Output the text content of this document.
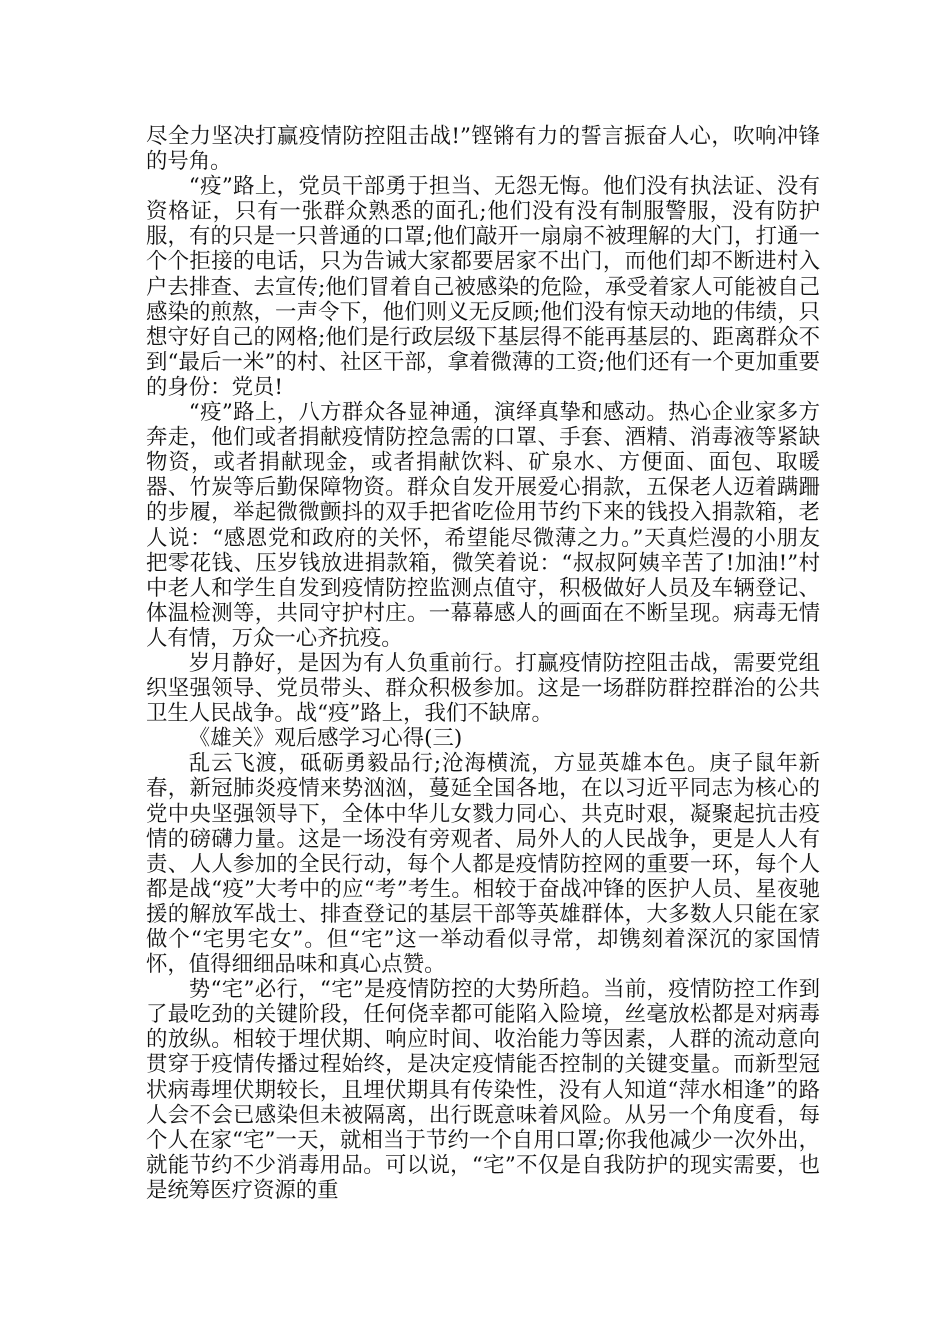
尽全力坚决打赢疫情防控阻击战!”铿锵有力的誓言振奋人心，吹响冲锋的号角。

“疫”路上，党员干部勇于担当、无怨无悔。他们没有执法证、没有资格证，只有一张群众熟悉的面孔;他们没有没有制服警服，没有防护服，有的只是一只普通的口罩;他们敲开一扇扇不被理解的大门，打通一个个拒接的电话，只为告诫大家都要居家不出门，而他们却不断进村入户去排查、去宣传;他们冒着自己被感染的危险，承受着家人可能被自己感染的煎熬，一声令下，他们则义无反顾;他们没有惊天动地的伟绩，只想守好自己的网格;他们是行政层级下基层得不能再基层的、距离群众不到“最后一米”的村、社区干部，拿着微薄的工资;他们还有一个更加重要的身份：党员!

“疫”路上，八方群众各显神通，演绎真挚和感动。热心企业家多方奔走，他们或者捐献疫情防控急需的口罩、手套、酒精、消毒液等紧缺物资，或者捐献现金，或者捐献饮料、矿泉水、方便面、面包、取暖器、竹炭等后勤保障物资。群众自发开展爱心捐款，五保老人迈着蹒跚的步履，举起微微颤抖的双手把省吃俭用节约下来的钱投入捐款箱，老人说：“感恩党和政府的关怀，希望能尽微薄之力。”天真烂漫的小朋友把零花钱、压岁钱放进捐款箱，微笑着说：“叔叔阿姨辛苦了!加油!”村中老人和学生自发到疫情防控监测点值守，积极做好人员及车辆登记、体温检测等，共同守护村庄。一幕幕感人的画面在不断呈现。病毒无情人有情，万众一心齐抗疫。

岁月静好，是因为有人负重前行。打赢疫情防控阻击战，需要党组织坚强领导、党员带头、群众积极参加。这是一场群防群控群治的公共卫生人民战争。战“疫”路上，我们不缺席。

《雄关》观后感学习心得(三)

乱云飞渡，砥砺勇毅品行;沧海横流，方显英雄本色。庚子鼠年新春，新冠肺炎疫情来势汹汹，蔓延全国各地，在以习近平同志为核心的党中央坚强领导下，全体中华儿女戮力同心、共克时艰，凝聚起抗击疫情的磅礴力量。这是一场没有旁观者、局外人的人民战争，更是人人有责、人人参加的全民行动，每个人都是疫情防控网的重要一环，每个人都是战“疫”大考中的应“考”考生。相较于奋战冲锋的医护人员、星夜驰援的解放军战士、排查登记的基层干部等英雄群体，大多数人只能在家做个“宅男宅女”。但“宅”这一举动看似寻常，却镌刻着深沉的家国情怀，值得细细品味和真心点赞。

势“宅”必行，“宅”是疫情防控的大势所趋。当前，疫情防控工作到了最吃劲的关键阶段，任何侥幸都可能陷入险境，丝毫放松都是对病毒的放纵。相较于埋伏期、响应时间、收治能力等因素，人群的流动意向贯穿于疫情传播过程始终，是决定疫情能否控制的关键变量。而新型冠状病毒埋伏期较长，且埋伏期具有传染性，没有人知道“萍水相逢”的路人会不会已感染但未被隔离，出行既意味着风险。从另一个角度看，每个人在家“宅”一天，就相当于节约一个自用口罩;你我他减少一次外出，就能节约不少消毒用品。可以说，“宅”不仅是自我防护的现实需要，也是统筹医疗资源的重
